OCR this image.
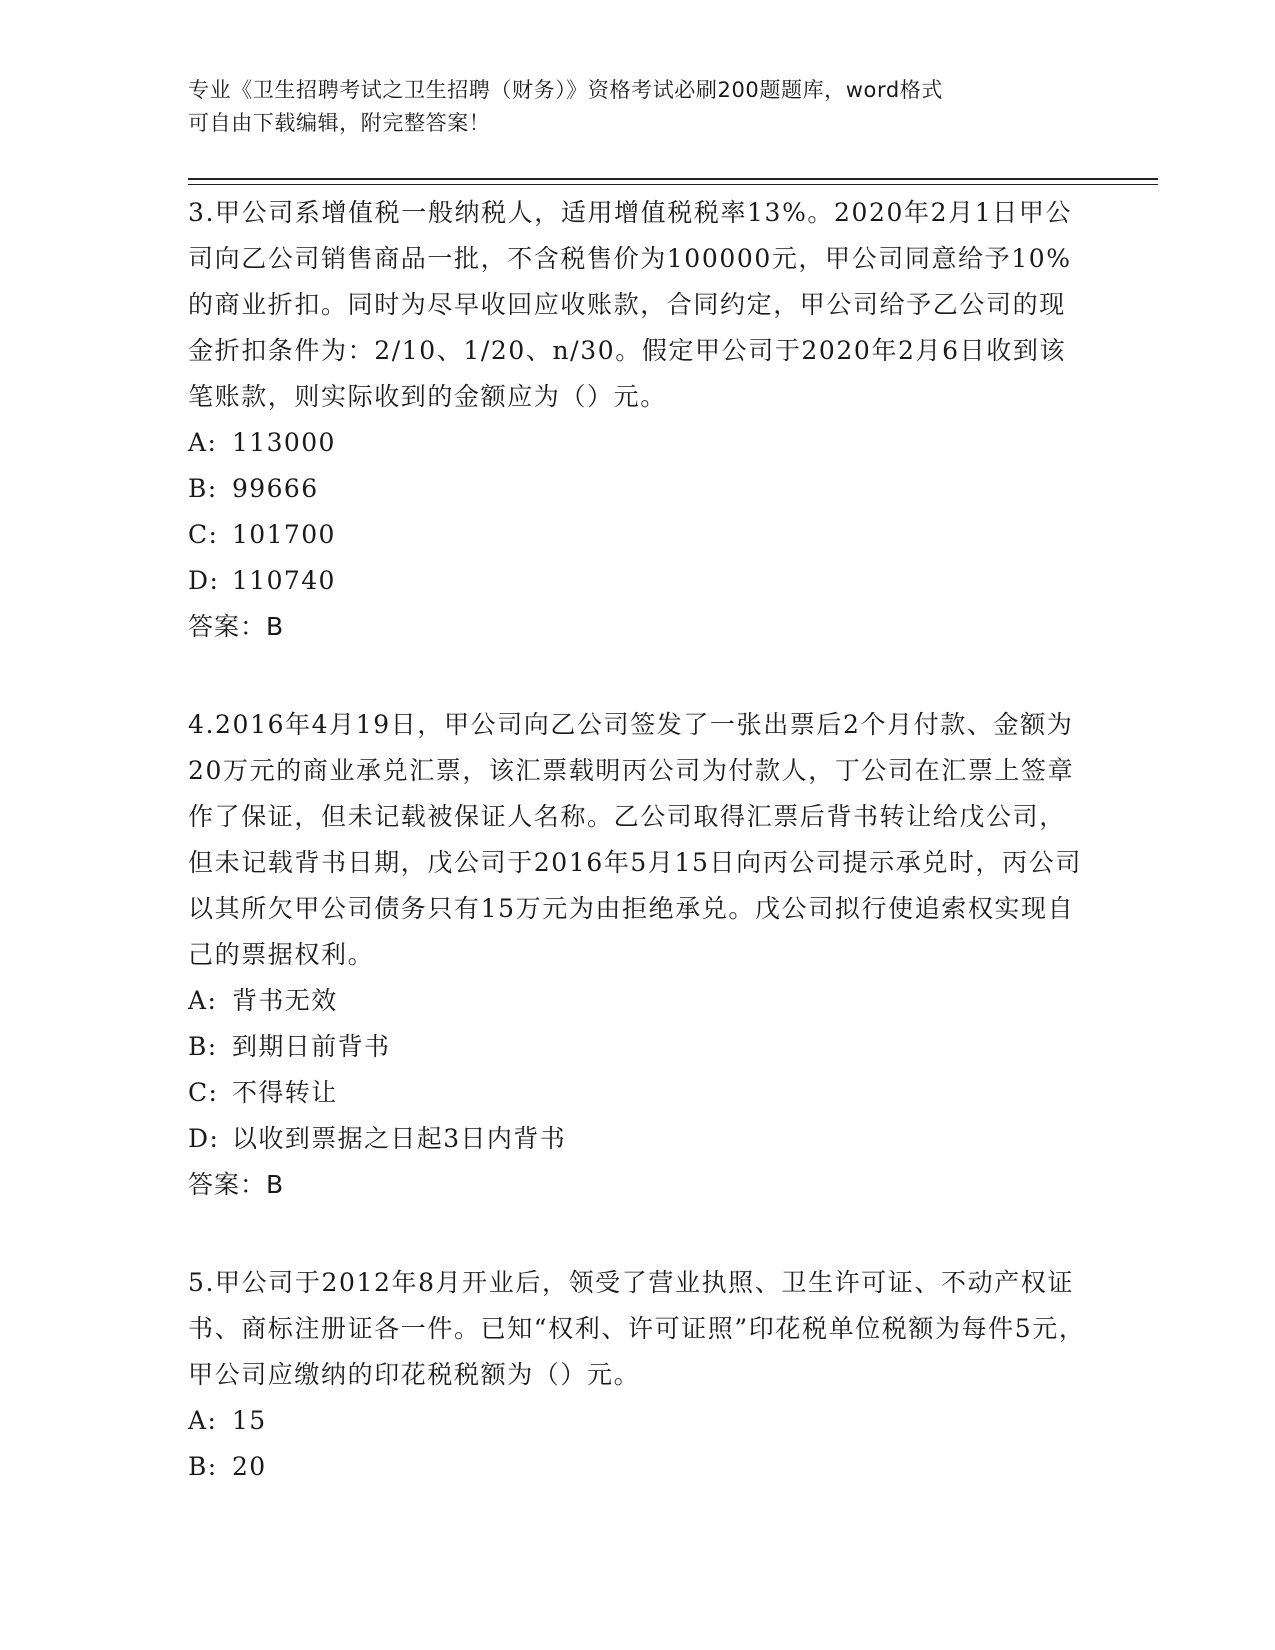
专业《卫生招聘考试之卫生招聘（财务）》资格考试必刷200题题库，word格式
可自由下载编辑，附完整答案！
3.甲公司系增值税一般纳税人，适用增值税税率13%。2020年2月1日甲公司向乙公司销售商品一批，不含税售价为100000元，甲公司同意给予10%的商业折扣。同时为尽早收回应收账款，合同约定，甲公司给予乙公司的现金折扣条件为：2/10、1/20、n/30。假定甲公司于2020年2月6日收到该笔账款，则实际收到的金额应为（）元。
A: 113000
B: 99666
C: 101700
D: 110740
答案：B
4.2016年4月19日，甲公司向乙公司签发了一张出票后2个月付款、金额为20万元的商业承兑汇票，该汇票载明丙公司为付款人，丁公司在汇票上签章作了保证，但未记载被保证人名称。乙公司取得汇票后背书转让给戊公司，但未记载背书日期，戊公司于2016年5月15日向丙公司提示承兑时，丙公司以其所欠甲公司债务只有15万元为由拒绝承兑。戊公司拟行使追索权实现自己的票据权利。
A: 背书无效
B: 到期日前背书
C: 不得转让
D: 以收到票据之日起3日内背书
答案：B
5.甲公司于2012年8月开业后，领受了营业执照、卫生许可证、不动产权证书、商标注册证各一件。已知“权利、许可证照”印花税单位税额为每件5元，甲公司应缴纳的印花税税额为（）元。
A: 15
B: 20
